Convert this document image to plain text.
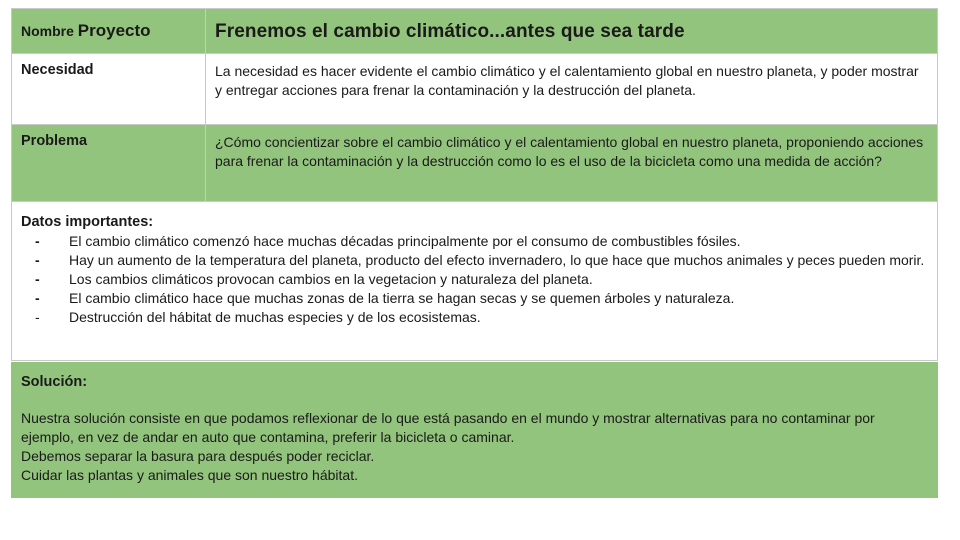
Nombre Proyecto	Frenemos el cambio climático...antes que sea tarde
Necesidad	La necesidad es hacer evidente el cambio climático y el calentamiento global en nuestro planeta, y poder mostrar y entregar acciones para frenar la contaminación y la destrucción del planeta.
Problema	¿Cómo concientizar sobre el cambio climático y el calentamiento global en nuestro planeta, proponiendo acciones para frenar la contaminación y la destrucción como lo es el uso de la bicicleta como una medida de acción?
Datos importantes:
-	El cambio climático comenzó hace muchas décadas principalmente por el consumo de combustibles fósiles.
-	Hay un aumento de la temperatura del planeta, producto del efecto invernadero, lo que hace que muchos animales y peces pueden morir.
-	Los cambios climáticos provocan cambios en la vegetacion y naturaleza del planeta.
-	El cambio climático hace que muchas zonas de la tierra se hagan secas y se quemen árboles y naturaleza.
-	Destrucción del hábitat de muchas especies y de los ecosistemas.
Solución:
Nuestra solución consiste en que podamos reflexionar de lo que está pasando en el mundo y mostrar alternativas para no contaminar por ejemplo, en vez de andar en auto que contamina, preferir la bicicleta o caminar.
Debemos separar la basura para después poder reciclar.
Cuidar las plantas y animales que son nuestro hábitat.
